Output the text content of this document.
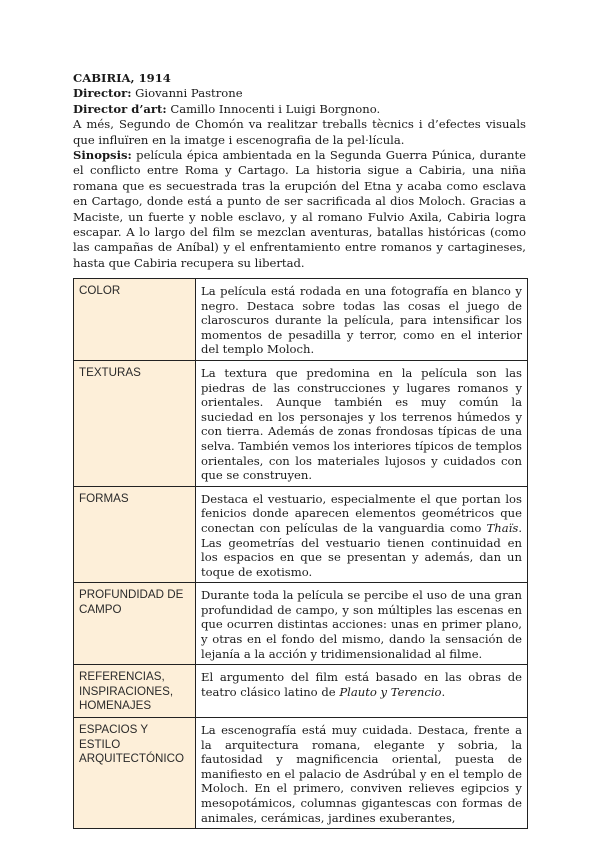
CABIRIA, 1914

Director: Giovanni Pastrone

Director d’art: Camillo Innocenti i Luigi Borgnono.

A més, Segundo de Chomón va realitzar treballs tècnics i d’efectes visuals que influïren en la imatge i escenografia de la pel·lícula.

Sinopsis: película épica ambientada en la Segunda Guerra Púnica, durante el conflicto entre Roma y Cartago. La historia sigue a Cabiria, una niña romana que es secuestrada tras la erupción del Etna y acaba como esclava en Cartago, donde está a punto de ser sacrificada al dios Moloch. Gracias a Maciste, un fuerte y noble esclavo, y al romano Fulvio Axila, Cabiria logra escapar. A lo largo del film se mezclan aventuras, batallas históricas (como las campañas de Aníbal) y el enfrentamiento entre romanos y cartagineses, hasta que Cabiria recupera su libertad.

COLOR	La película está rodada en una fotografía en blanco y negro. Destaca sobre todas las cosas el juego de claroscuros durante la película, para intensificar los momentos de pesadilla y terror, como en el interior del templo Moloch.
TEXTURAS	La textura que predomina en la película son las piedras de las construcciones y lugares romanos y orientales. Aunque también es muy común la suciedad en los personajes y los terrenos húmedos y con tierra. Además de zonas frondosas típicas de una selva. También vemos los interiores típicos de templos orientales, con los materiales lujosos y cuidados con que se construyen.
FORMAS	Destaca el vestuario, especialmente el que portan los fenicios donde aparecen elementos geométricos que conectan con películas de la vanguardia como Thaïs. Las geometrías del vestuario tienen continuidad en los espacios en que se presentan y además, dan un toque de exotismo.
PROFUNDIDAD DE CAMPO	Durante toda la película se percibe el uso de una gran profundidad de campo, y son múltiples las escenas en que ocurren distintas acciones: unas en primer plano, y otras en el fondo del mismo, dando la sensación de lejanía a la acción y tridimensionalidad al filme.
REFERENCIAS, INSPIRACIONES, HOMENAJES	El argumento del film está basado en las obras de teatro clásico latino de Plauto y Terencio.
ESPACIOS Y ESTILO ARQUITECTÓNICO	La escenografía está muy cuidada. Destaca, frente a la arquitectura romana, elegante y sobria, la fautosidad y magnificencia oriental, puesta de manifiesto en el palacio de Asdrúbal y en el templo de Moloch. En el primero, conviven relieves egipcios y mesopotámicos, columnas gigantescas con formas de animales, cerámicas, jardines exuberantes,
